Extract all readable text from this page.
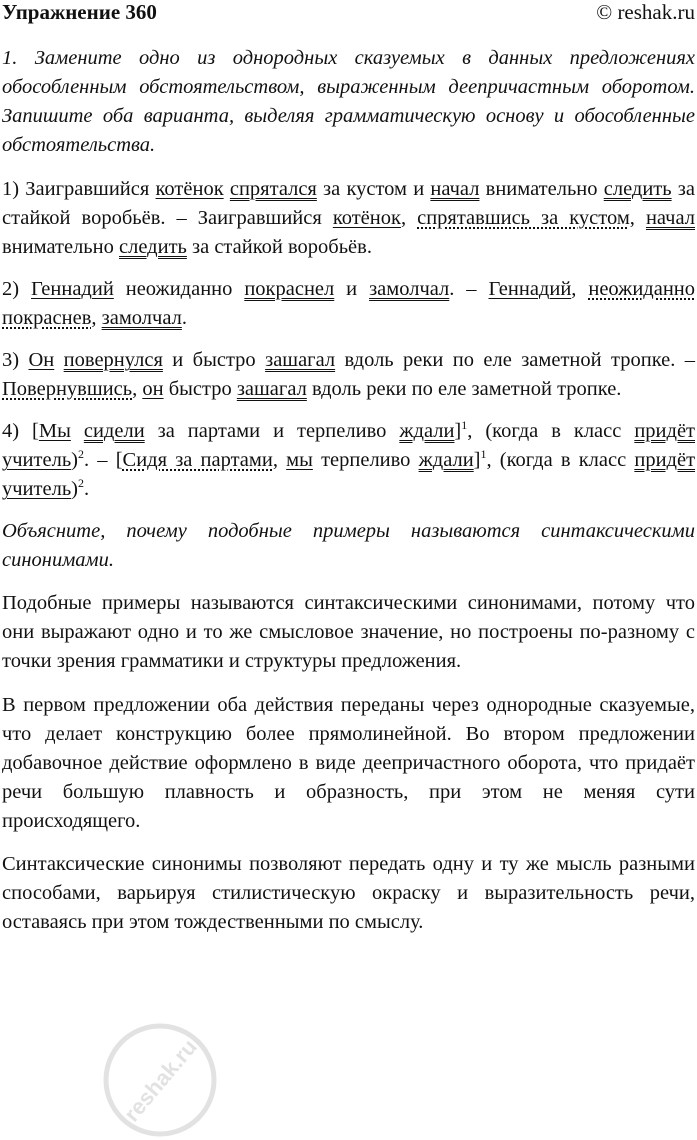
Упражнение 360	© reshak.ru

1. Замените одно из однородных сказуемых в данных предложениях обособленным обстоятельством, выраженным деепричастным оборотом. Запишите оба варианта, выделяя грамматическую основу и обособленные обстоятельства.

1) Заигравшийся котёнок спрятался за кустом и начал внимательно следить за стайкой воробьёв. – Заигравшийся котёнок, спрятавшись за кустом, начал внимательно следить за стайкой воробьёв.

2) Геннадий неожиданно покраснел и замолчал. – Геннадий, неожиданно покраснев, замолчал.

3) Он повернулся и быстро зашагал вдоль реки по еле заметной тропке. – Повернувшись, он быстро зашагал вдоль реки по еле заметной тропке.

4) [Мы сидели за партами и терпеливо ждали]$^1$, (когда в класс придёт учитель)$^2$. – [Сидя за партами, мы терпеливо ждали]$^1$, (когда в класс придёт учитель)$^2$.

Объясните, почему подобные примеры называются синтаксическими синонимами.

Подобные примеры называются синтаксическими синонимами, потому что они выражают одно и то же смысловое значение, но построены по-разному с точки зрения грамматики и структуры предложения.

В первом предложении оба действия переданы через однородные сказуемые, что делает конструкцию более прямолинейной. Во втором предложении добавочное действие оформлено в виде деепричастного оборота, что придаёт речи большую плавность и образность, при этом не меняя сути происходящего.

Синтаксические синонимы позволяют передать одну и ту же мысль разными способами, варьируя стилистическую окраску и выразительность речи, оставаясь при этом тождественными по смыслу.

reshak.ru
